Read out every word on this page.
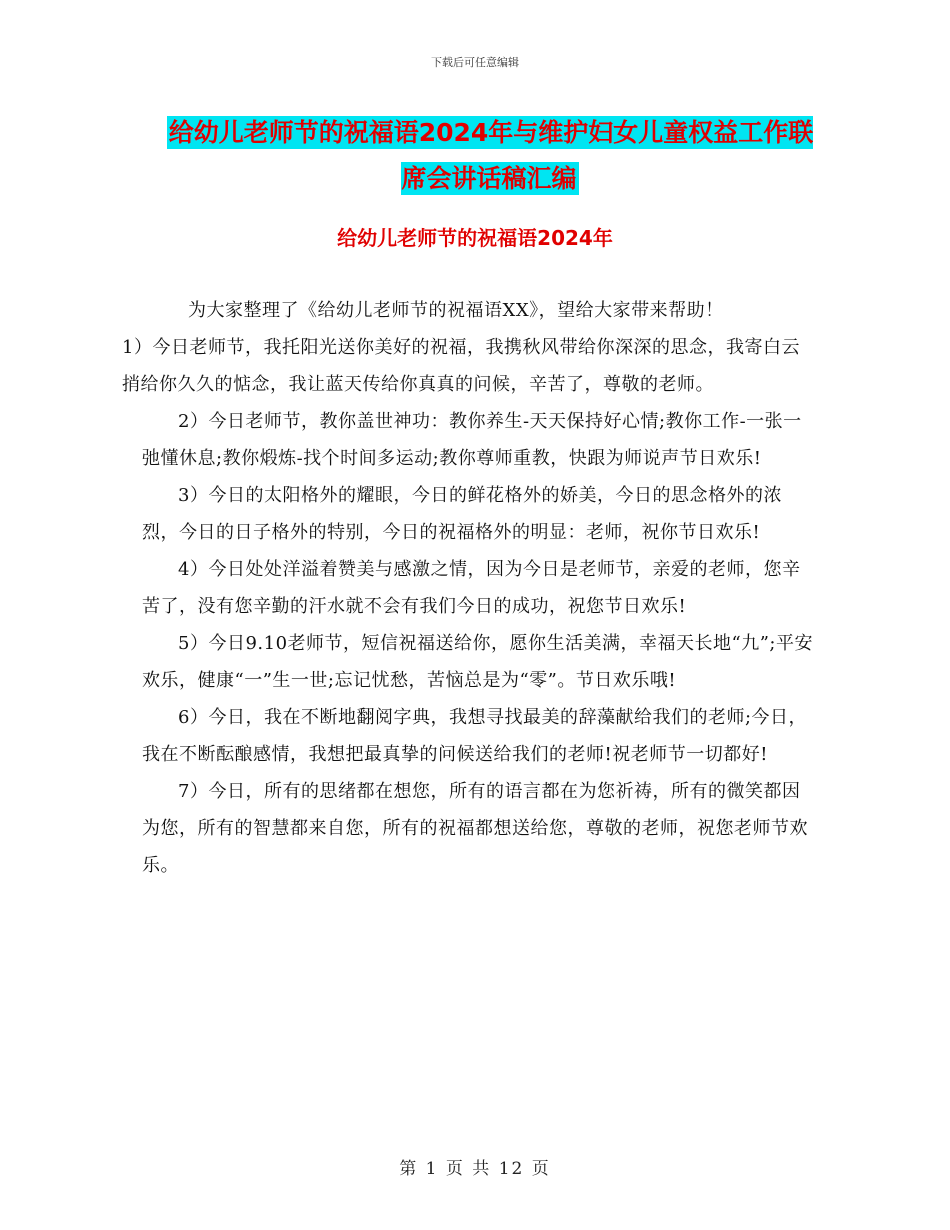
下载后可任意编辑
给幼儿老师节的祝福语2024年与维护妇女儿童权益工作联席会讲话稿汇编
给幼儿老师节的祝福语2024年

为大家整理了《给幼儿老师节的祝福语XX》，望给大家带来帮助！

1）今日老师节，我托阳光送你美好的祝福，我携秋风带给你深深的思念，我寄白云捎给你久久的惦念，我让蓝天传给你真真的问候，辛苦了，尊敬的老师。

2）今日老师节，教你盖世神功：教你养生-天天保持好心情;教你工作-一张一弛懂休息;教你煅炼-找个时间多运动;教你尊师重教，快跟为师说声节日欢乐!

3）今日的太阳格外的耀眼，今日的鲜花格外的娇美，今日的思念格外的浓烈，今日的日子格外的特别，今日的祝福格外的明显：老师，祝你节日欢乐!

4）今日处处洋溢着赞美与感激之情，因为今日是老师节，亲爱的老师，您辛苦了，没有您辛勤的汗水就不会有我们今日的成功，祝您节日欢乐!

5）今日9.10老师节，短信祝福送给你，愿你生活美满，幸福天长地“九”;平安欢乐，健康“一”生一世;忘记忧愁，苦恼总是为“零”。节日欢乐哦!

6）今日，我在不断地翻阅字典，我想寻找最美的辞藻献给我们的老师;今日，我在不断酝酿感情，我想把最真挚的问候送给我们的老师!祝老师节一切都好!

7）今日，所有的思绪都在想您，所有的语言都在为您祈祷，所有的微笑都因为您，所有的智慧都来自您，所有的祝福都想送给您，尊敬的老师，祝您老师节欢乐。

第 1 页 共 12 页
